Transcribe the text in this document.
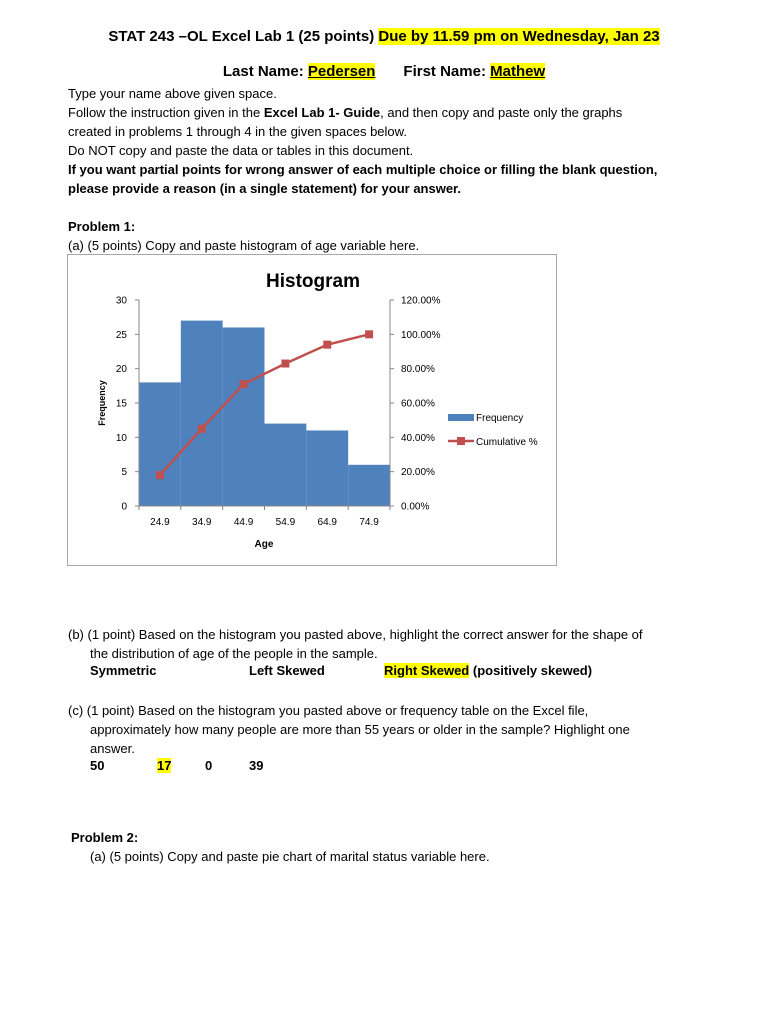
STAT 243 –OL Excel Lab 1 (25 points) Due by 11.59 pm on Wednesday, Jan 23
Last Name: Pedersen First Name: Mathew

Type your name above given space.

Follow the instruction given in the Excel Lab 1- Guide, and then copy and paste only the graphs

created in problems 1 through 4 in the given spaces below.

Do NOT copy and paste the data or tables in this document.

If you want partial points for wrong answer of each multiple choice or filling the blank question,

please provide a reason (in a single statement) for your answer.

Problem 1:

(a) (5 points) Copy and paste histogram of age variable here.

Histogram
Age
Frequency
0
5
10
15
20
25
30
0.00%
20.00%
40.00%
60.00%
80.00%
100.00%
120.00%
24.9 34.9 44.9 54.9 64.9 74.9
Frequency
Cumulative %

(b) (1 point) Based on the histogram you pasted above, highlight the correct answer for the shape of

the distribution of age of the people in the sample.

Symmetric	Left Skewed	Right Skewed (positively skewed)

(c) (1 point) Based on the histogram you pasted above or frequency table on the Excel file,

approximately how many people are more than 55 years or older in the sample? Highlight one

answer.

50	17	0	39

Problem 2:

(a) (5 points) Copy and paste pie chart of marital status variable here.
